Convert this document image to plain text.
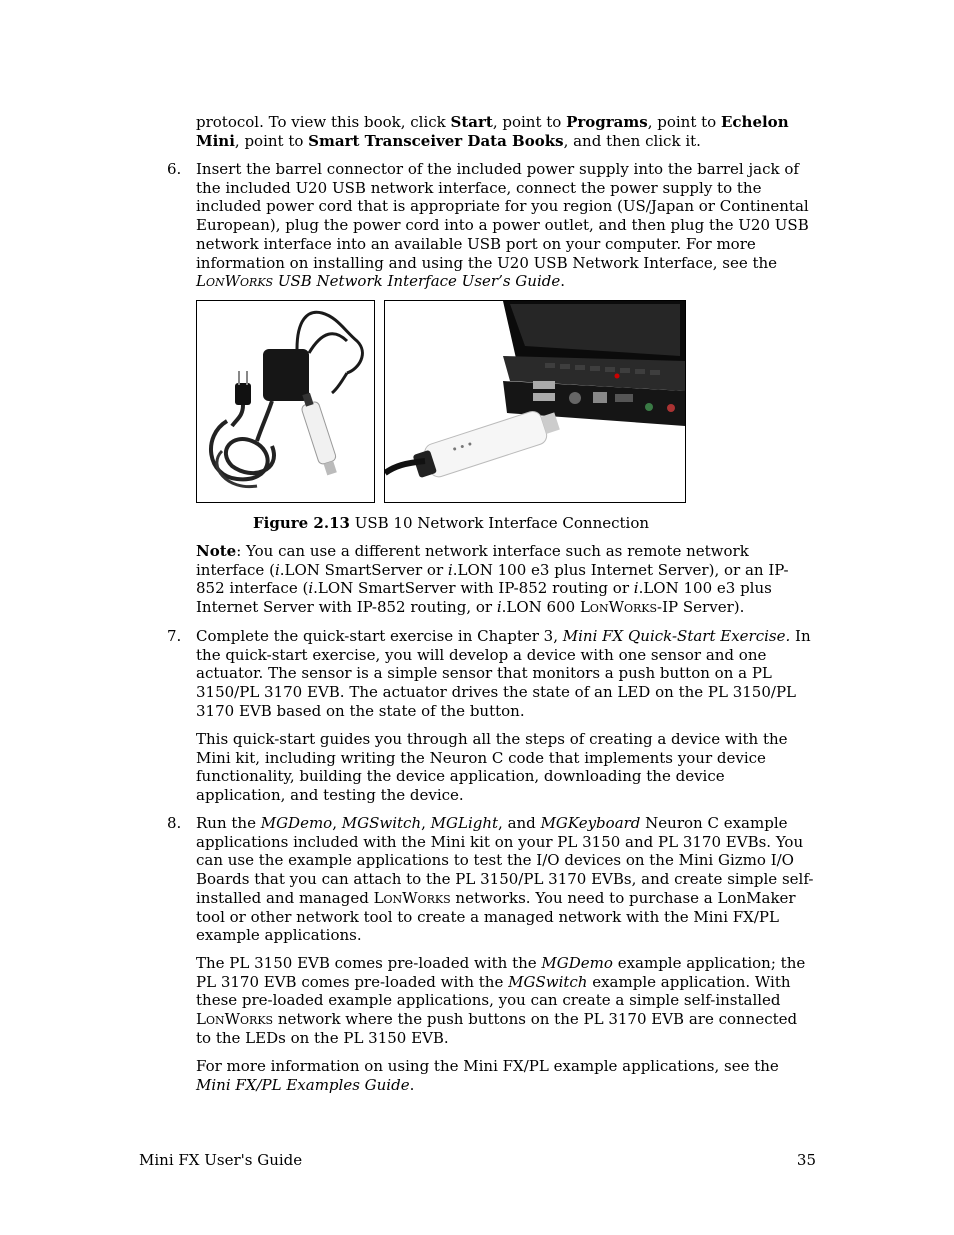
protocol. To view this book, click Start, point to Programs, point to Echelon Mini, point to Smart Transceiver Data Books, and then click it.

6. Insert the barrel connector of the included power supply into the barrel jack of the included U20 USB network interface, connect the power supply to the included power cord that is appropriate for you region (US/Japan or Continental European), plug the power cord into a power outlet, and then plug the U20 USB network interface into an available USB port on your computer. For more information on installing and using the U20 USB Network Interface, see the LonWorks USB Network Interface User’s Guide.

Figure 2.13 USB 10 Network Interface Connection

Note: You can use a different network interface such as remote network interface (i.LON SmartServer or i.LON 100 e3 plus Internet Server), or an IP-852 interface (i.LON SmartServer with IP-852 routing or i.LON 100 e3 plus Internet Server with IP-852 routing, or i.LON 600 LonWorks-IP Server).

7. Complete the quick-start exercise in Chapter 3, Mini FX Quick-Start Exercise. In the quick-start exercise, you will develop a device with one sensor and one actuator. The sensor is a simple sensor that monitors a push button on a PL 3150/PL 3170 EVB. The actuator drives the state of an LED on the PL 3150/PL 3170 EVB based on the state of the button.

This quick-start guides you through all the steps of creating a device with the Mini kit, including writing the Neuron C code that implements your device functionality, building the device application, downloading the device application, and testing the device.

8. Run the MGDemo, MGSwitch, MGLight, and MGKeyboard Neuron C example applications included with the Mini kit on your PL 3150 and PL 3170 EVBs. You can use the example applications to test the I/O devices on the Mini Gizmo I/O Boards that you can attach to the PL 3150/PL 3170 EVBs, and create simple self-installed and managed LonWorks networks. You need to purchase a LonMaker tool or other network tool to create a managed network with the Mini FX/PL example applications.

The PL 3150 EVB comes pre-loaded with the MGDemo example application; the PL 3170 EVB comes pre-loaded with the MGSwitch example application. With these pre-loaded example applications, you can create a simple self-installed LonWorks network where the push buttons on the PL 3170 EVB are connected to the LEDs on the PL 3150 EVB.

For more information on using the Mini FX/PL example applications, see the Mini FX/PL Examples Guide.

Mini FX User's Guide	35
